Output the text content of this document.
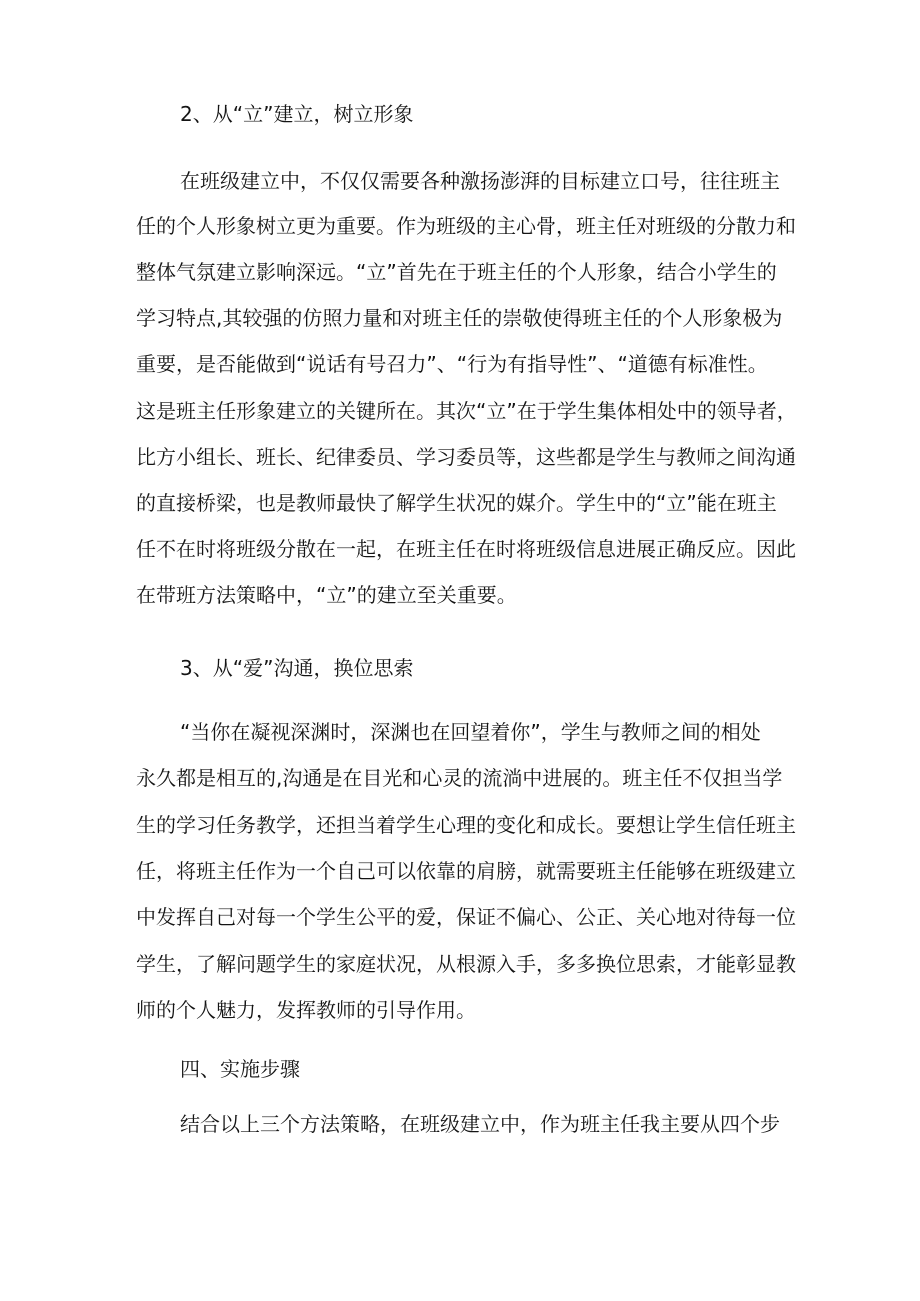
2、从“立”建立，树立形象
在班级建立中，不仅仅需要各种激扬澎湃的目标建立口号，往往班主
任的个人形象树立更为重要。作为班级的主心骨，班主任对班级的分散力和
整体气氛建立影响深远。“立”首先在于班主任的个人形象，结合小学生的
学习特点,其较强的仿照力量和对班主任的崇敬使得班主任的个人形象极为
重要，是否能做到“说话有号召力”、“行为有指导性”、“道德有标准性。
这是班主任形象建立的关键所在。其次“立”在于学生集体相处中的领导者，
比方小组长、班长、纪律委员、学习委员等，这些都是学生与教师之间沟通
的直接桥梁，也是教师最快了解学生状况的媒介。学生中的“立”能在班主
任不在时将班级分散在一起，在班主任在时将班级信息进展正确反应。因此
在带班方法策略中，“立”的建立至关重要。
3、从“爱”沟通，换位思索
“当你在凝视深渊时，深渊也在回望着你”，学生与教师之间的相处
永久都是相互的,沟通是在目光和心灵的流淌中进展的。班主任不仅担当学
生的学习任务教学，还担当着学生心理的变化和成长。要想让学生信任班主
任，将班主任作为一个自己可以依靠的肩膀，就需要班主任能够在班级建立
中发挥自己对每一个学生公平的爱，保证不偏心、公正、关心地对待每一位
学生，了解问题学生的家庭状况，从根源入手，多多换位思索，才能彰显教
师的个人魅力，发挥教师的引导作用。
四、实施步骤
结合以上三个方法策略，在班级建立中，作为班主任我主要从四个步
